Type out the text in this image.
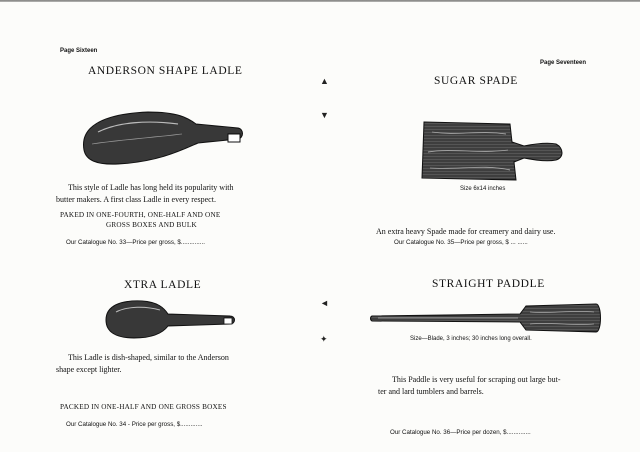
Page Sixteen
ANDERSON SHAPE LADLE
This style of Ladle has long held its popularity with
butter makers. A first class Ladle in every respect.
PAKED IN ONE-FOURTH, ONE-HALF AND ONE
GROSS BOXES AND BULK
Our Catalogue No. 33—Price per gross, $..............
XTRA LADLE
This Ladle is dish-shaped, similar to the Anderson
shape except lighter.
PACKED IN ONE-HALF AND ONE GROSS BOXES
Our Catalogue No. 34 - Price per gross, $.............
▲
▼
◄
✦
Page Seventeen
SUGAR SPADE
Size 6x14 inches
An extra heavy Spade made for creamery and dairy use.
Our Catalogue No. 35—Price per gross, $ ... ......
STRAIGHT PADDLE
Size—Blade, 3 inches; 30 inches long overall.
This Paddle is very useful for scraping out large but-
ter and lard tumblers and barrels.
Our Catalogue No. 36—Price per dozen, $..............
